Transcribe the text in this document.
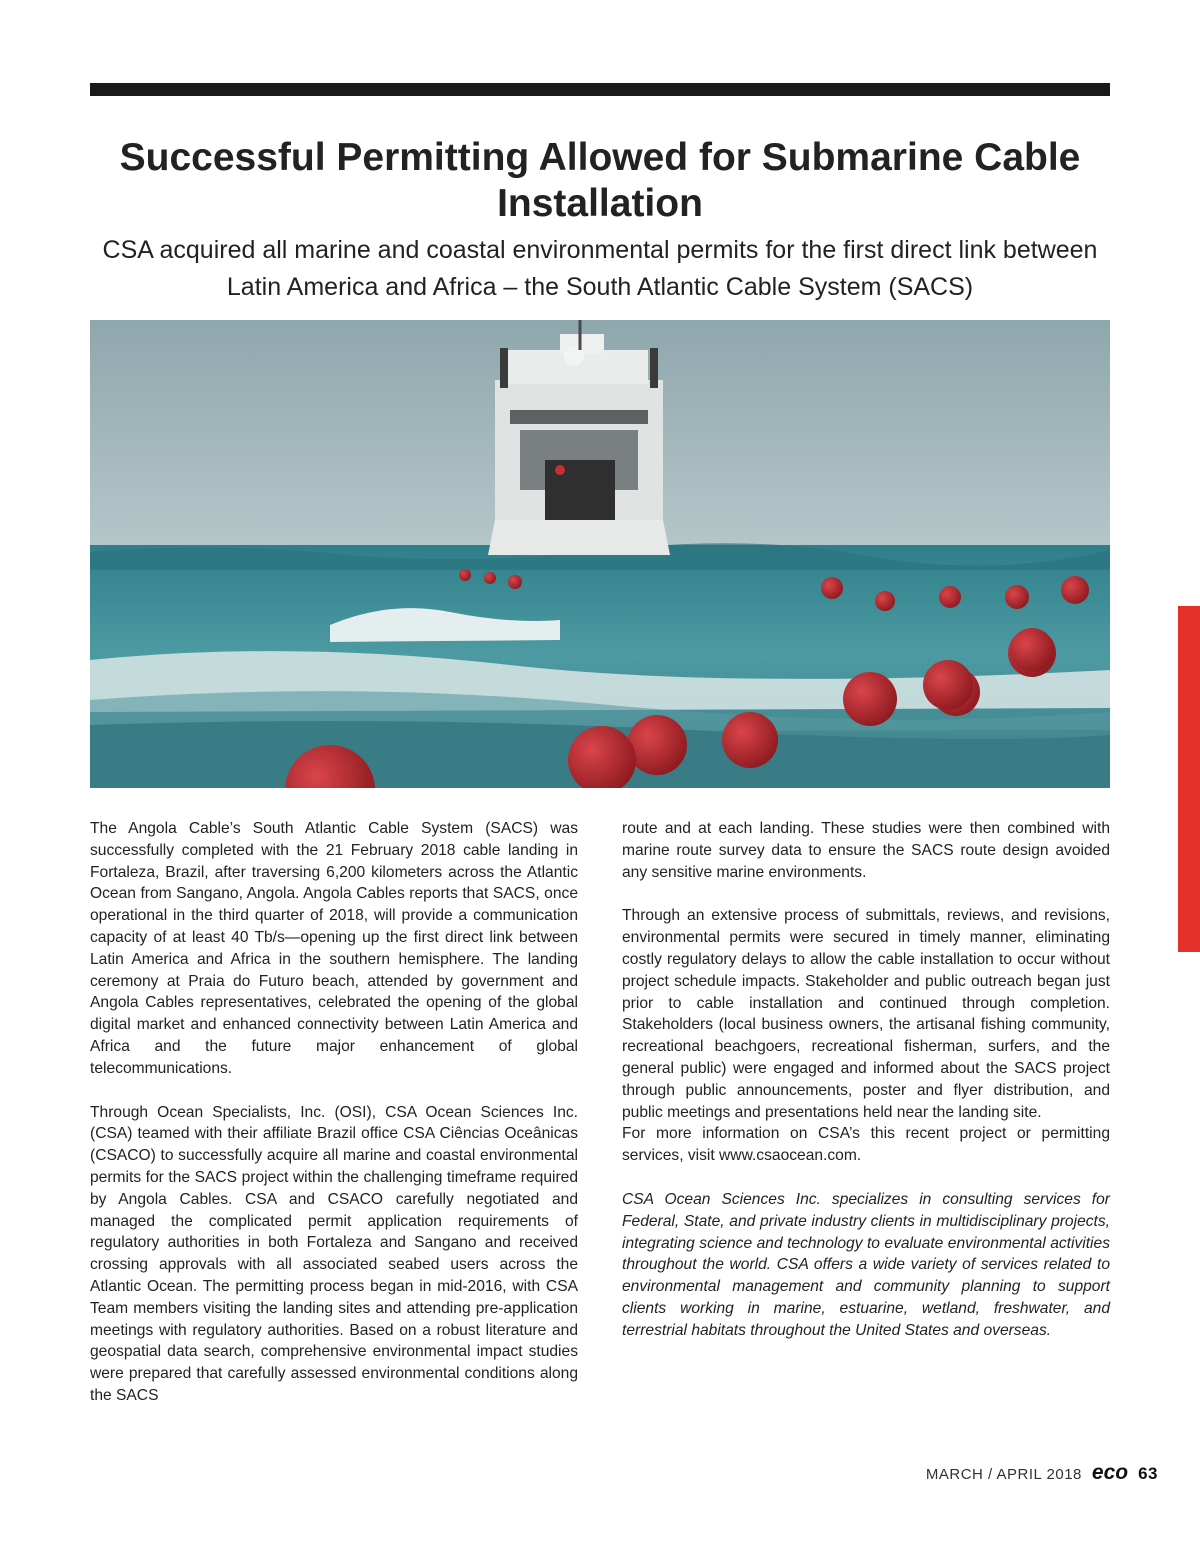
Successful Permitting Allowed for Submarine Cable Installation
CSA acquired all marine and coastal environmental permits for the first direct link between Latin America and Africa – the South Atlantic Cable System (SACS)

The Angola Cable’s South Atlantic Cable System (SACS) was successfully completed with the 21 February 2018 cable landing in Fortaleza, Brazil, after traversing 6,200 kilometers across the Atlantic Ocean from Sangano, Angola. Angola Cables reports that SACS, once operational in the third quarter of 2018, will provide a communication capacity of at least 40 Tb/s—opening up the first direct link between Latin America and Africa in the southern hemisphere. The landing ceremony at Praia do Futuro beach, attended by government and Angola Cables representatives, celebrated the opening of the global digital market and enhanced connectivity between Latin America and Africa and the future major enhancement of global telecommunications.

Through Ocean Specialists, Inc. (OSI), CSA Ocean Sciences Inc. (CSA) teamed with their affiliate Brazil office CSA Ciências Oceânicas (CSACO) to successfully acquire all marine and coastal environmental permits for the SACS project within the challenging timeframe required by Angola Cables. CSA and CSACO carefully negotiated and managed the complicated permit application requirements of regulatory authorities in both Fortaleza and Sangano and received crossing approvals with all associated seabed users across the Atlantic Ocean. The permitting process began in mid-2016, with CSA Team members visiting the landing sites and attending pre-application meetings with regulatory authorities. Based on a robust literature and geospatial data search, comprehensive environmental impact studies were prepared that carefully assessed environmental conditions along the SACS

route and at each landing. These studies were then combined with marine route survey data to ensure the SACS route design avoided any sensitive marine environments.

Through an extensive process of submittals, reviews, and revisions, environmental permits were secured in timely manner, eliminating costly regulatory delays to allow the cable installation to occur without project schedule impacts. Stakeholder and public outreach began just prior to cable installation and continued through completion. Stakeholders (local business owners, the artisanal fishing community, recreational beachgoers, recreational fisherman, surfers, and the general public) were engaged and informed about the SACS project through public announcements, poster and flyer distribution, and public meetings and presentations held near the landing site.

For more information on CSA’s this recent project or permitting services, visit www.csaocean.com.

CSA Ocean Sciences Inc. specializes in consulting services for Federal, State, and private industry clients in multidisciplinary projects, integrating science and technology to evaluate environmental activities throughout the world. CSA offers a wide variety of services related to environmental management and community planning to support clients working in marine, estuarine, wetland, freshwater, and terrestrial habitats throughout the United States and overseas.

MARCH / APRIL 2018 eco 63
